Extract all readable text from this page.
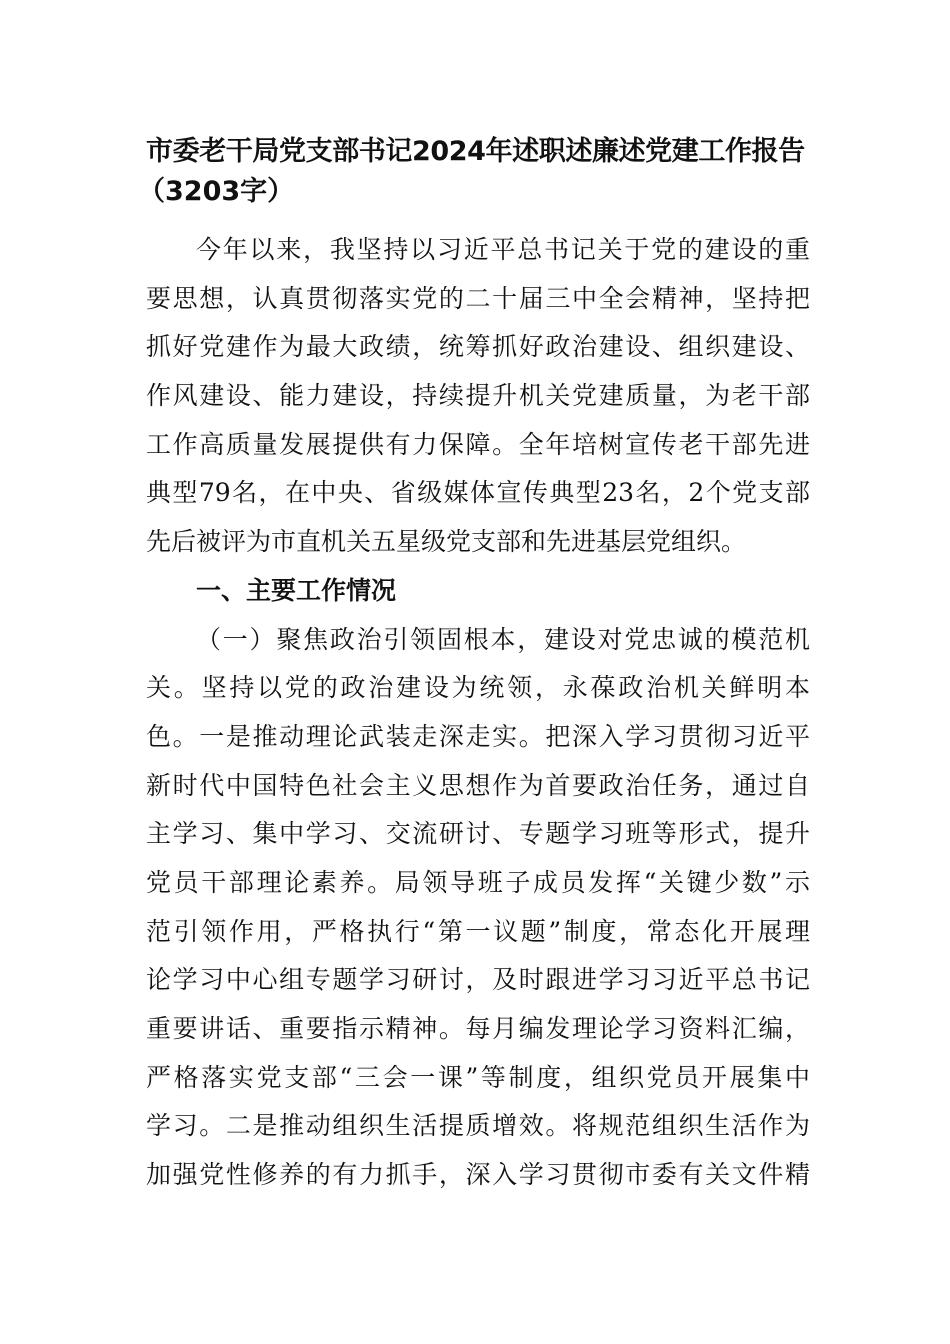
市委老干局党支部书记2024年述职述廉述党建工作报告
（3203字）
今年以来，我坚持以习近平总书记关于党的建设的重
要思想，认真贯彻落实党的二十届三中全会精神，坚持把
抓好党建作为最大政绩，统筹抓好政治建设、组织建设、
作风建设、能力建设，持续提升机关党建质量，为老干部
工作高质量发展提供有力保障。全年培树宣传老干部先进
典型79名，在中央、省级媒体宣传典型23名，2个党支部
先后被评为市直机关五星级党支部和先进基层党组织。
一、主要工作情况
（一）聚焦政治引领固根本，建设对党忠诚的模范机
关。坚持以党的政治建设为统领，永葆政治机关鲜明本
色。一是推动理论武装走深走实。把深入学习贯彻习近平
新时代中国特色社会主义思想作为首要政治任务，通过自
主学习、集中学习、交流研讨、专题学习班等形式，提升
党员干部理论素养。局领导班子成员发挥“关键少数”示
范引领作用，严格执行“第一议题”制度，常态化开展理
论学习中心组专题学习研讨，及时跟进学习习近平总书记
重要讲话、重要指示精神。每月编发理论学习资料汇编，
严格落实党支部“三会一课”等制度，组织党员开展集中
学习。二是推动组织生活提质增效。将规范组织生活作为
加强党性修养的有力抓手，深入学习贯彻市委有关文件精
